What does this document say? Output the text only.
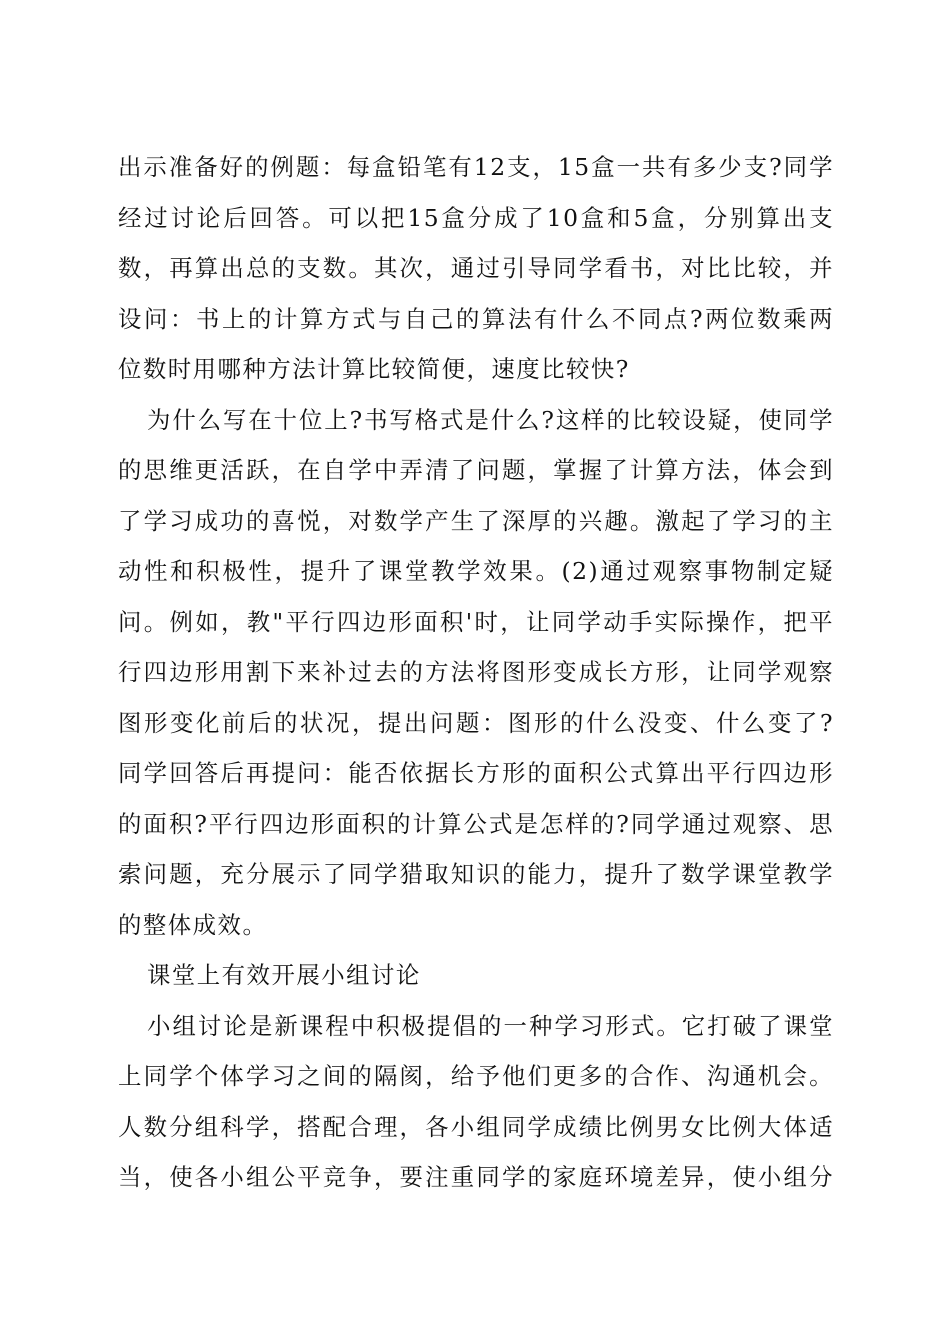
出示准备好的例题：每盒铅笔有12支，15盒一共有多少支?同学
经过讨论后回答。可以把15盒分成了10盒和5盒，分别算出支
数，再算出总的支数。其次，通过引导同学看书，对比比较，并
设问：书上的计算方式与自己的算法有什么不同点?两位数乘两
位数时用哪种方法计算比较简便，速度比较快?
为什么写在十位上?书写格式是什么?这样的比较设疑，使同学
的思维更活跃，在自学中弄清了问题，掌握了计算方法，体会到
了学习成功的喜悦，对数学产生了深厚的兴趣。激起了学习的主
动性和积极性，提升了课堂教学效果。(2)通过观察事物制定疑
问。例如，教"平行四边形面积'时，让同学动手实际操作，把平
行四边形用割下来补过去的方法将图形变成长方形，让同学观察
图形变化前后的状况，提出问题：图形的什么没变、什么变了?
同学回答后再提问：能否依据长方形的面积公式算出平行四边形
的面积?平行四边形面积的计算公式是怎样的?同学通过观察、思
索问题，充分展示了同学猎取知识的能力，提升了数学课堂教学
的整体成效。
课堂上有效开展小组讨论
小组讨论是新课程中积极提倡的一种学习形式。它打破了课堂
上同学个体学习之间的隔阂，给予他们更多的合作、沟通机会。
人数分组科学，搭配合理，各小组同学成绩比例男女比例大体适
当，使各小组公平竞争，要注重同学的家庭环境差异，使小组分
